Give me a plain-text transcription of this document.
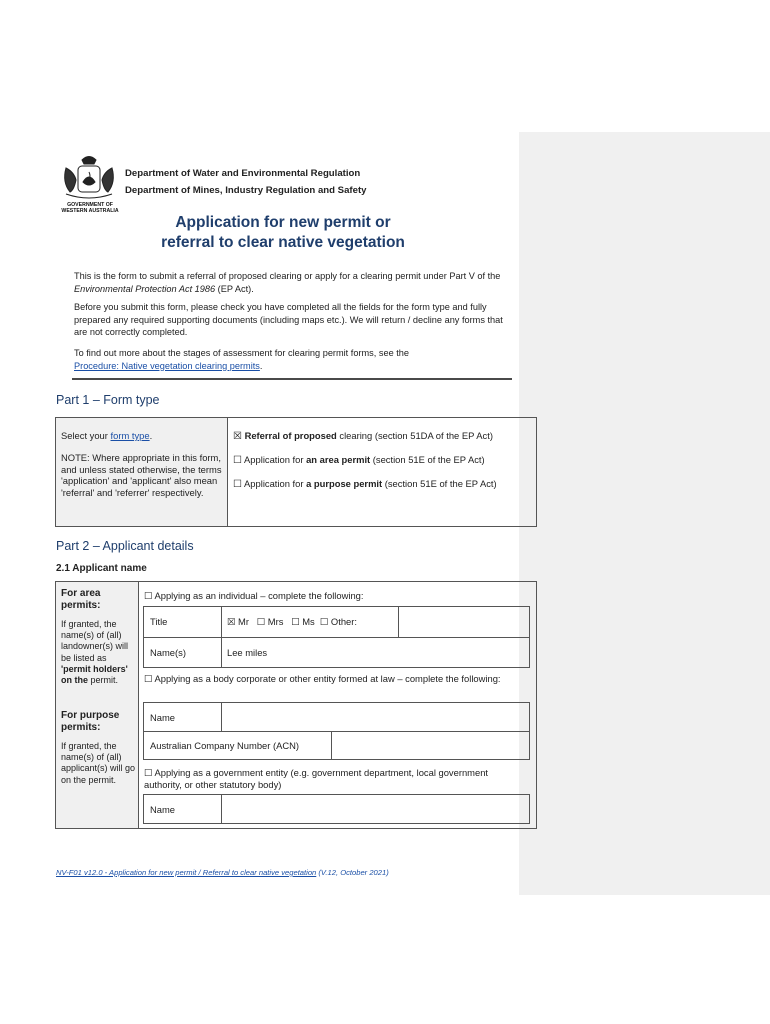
GOVERNMENT OF
WESTERN AUSTRALIA
Department of Water and Environmental Regulation
Department of Mines, Industry Regulation and Safety
Application for new permit or
referral to clear native vegetation
This is the form to submit a referral of proposed clearing or apply for a clearing permit under Part V of the Environmental Protection Act 1986 (EP Act).
Before you submit this form, please check you have completed all the fields for the form type and fully prepared any required supporting documents (including maps etc.). We will return / decline any forms that are not correctly completed.
To find out more about the stages of assessment for clearing permit forms, see the
Procedure: Native vegetation clearing permits.
Part 1 – Form type
Select your form type.
NOTE: Where appropriate in this form, and unless stated otherwise, the terms 'application' and 'applicant' also mean 'referral' and 'referrer' respectively.
☒ Referral of proposed clearing (section 51DA of the EP Act)
☐ Application for an area permit (section 51E of the EP Act)
☐ Application for a purpose permit (section 51E of the EP Act)
Part 2 – Applicant details
2.1 Applicant name
For area permits:
If granted, the name(s) of (all) landowner(s) will be listed as 'permit holders' on the permit.
For purpose permits:
If granted, the name(s) of (all) applicant(s) will go on the permit.
☐ Applying as an individual – complete the following:
Title	☒ Mr   ☐ Mrs   ☐ Ms  ☐ Other:
Name(s)	Lee miles
☐ Applying as a body corporate or other entity formed at law – complete the following:
Name
Australian Company Number (ACN)
☐ Applying as a government entity (e.g. government department, local government authority, or other statutory body)
Name
NV-F01 v12.0 - Application for new permit / Referral to clear native vegetation (V.12, October 2021)
